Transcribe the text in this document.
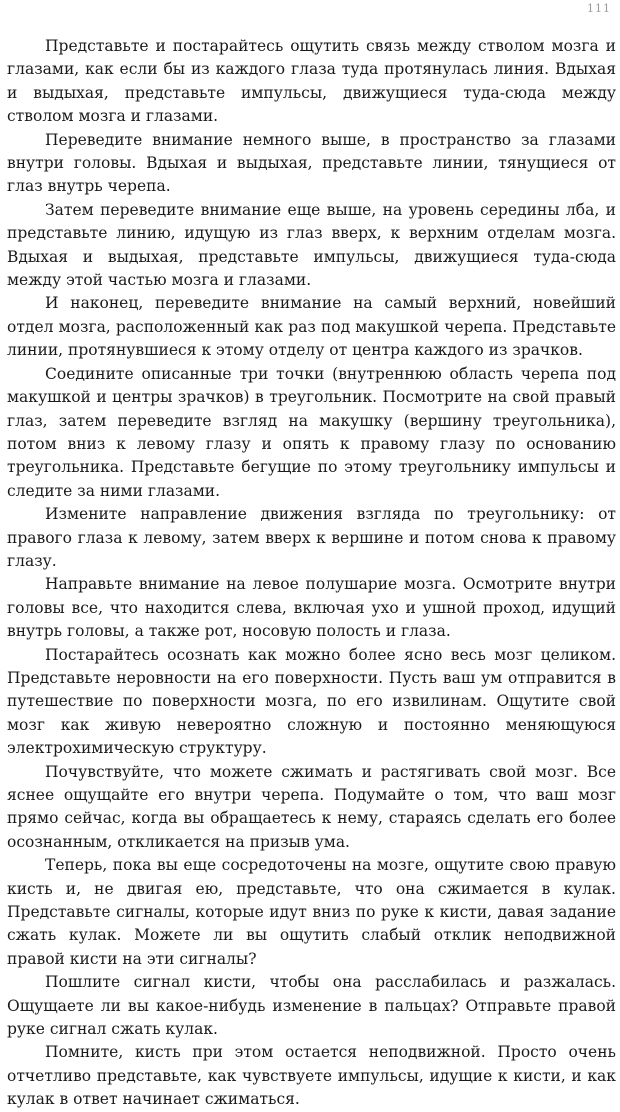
111

Представьте и постарайтесь ощутить связь между стволом мозга и глазами, как если бы из каждого глаза туда протянулась линия. Вдыхая и выдыхая, представьте импульсы, движущиеся туда-сюда между стволом мозга и глазами.

Переведите внимание немного выше, в пространство за глазами внутри головы. Вдыхая и выдыхая, представьте линии, тянущиеся от глаз внутрь черепа.

Затем переведите внимание еще выше, на уровень середины лба, и представьте линию, идущую из глаз вверх, к верхним отделам мозга. Вдыхая и выдыхая, представьте импульсы, движущиеся туда-сюда между этой частью мозга и глазами.

И наконец, переведите внимание на самый верхний, новейший отдел мозга, расположенный как раз под макушкой черепа. Представьте линии, протянувшиеся к этому отделу от центра каждого из зрачков.

Соедините описанные три точки (внутреннюю область черепа под макушкой и центры зрачков) в треугольник. Посмотрите на свой правый глаз, затем переведите взгляд на макушку (вершину треугольника), потом вниз к левому глазу и опять к правому глазу по основанию треугольника. Представьте бегущие по этому треугольнику импульсы и следите за ними глазами.

Измените направление движения взгляда по треугольнику: от правого глаза к левому, затем вверх к вершине и потом снова к правому глазу.

Направьте внимание на левое полушарие мозга. Осмотрите внутри головы все, что находится слева, включая ухо и ушной проход, идущий внутрь головы, а также рот, носовую полость и глаза.

Постарайтесь осознать как можно более ясно весь мозг целиком. Представьте неровности на его поверхности. Пусть ваш ум отправится в путешествие по поверхности мозга, по его извилинам. Ощутите свой мозг как живую невероятно сложную и постоянно меняющуюся электрохимическую структуру.

Почувствуйте, что можете сжимать и растягивать свой мозг. Все яснее ощущайте его внутри черепа. Подумайте о том, что ваш мозг прямо сейчас, когда вы обращаетесь к нему, стараясь сделать его более осознанным, откликается на призыв ума.

Теперь, пока вы еще сосредоточены на мозге, ощутите свою правую кисть и, не двигая ею, представьте, что она сжимается в кулак. Представьте сигналы, которые идут вниз по руке к кисти, давая задание сжать кулак. Можете ли вы ощутить слабый отклик неподвижной правой кисти на эти сигналы?

Пошлите сигнал кисти, чтобы она расслабилась и разжалась. Ощущаете ли вы какое-нибудь изменение в пальцах? Отправьте правой руке сигнал сжать кулак.

Помните, кисть при этом остается неподвижной. Просто очень отчетливо представьте, как чувствуете импульсы, идущие к кисти, и как кулак в ответ начинает сжиматься.
